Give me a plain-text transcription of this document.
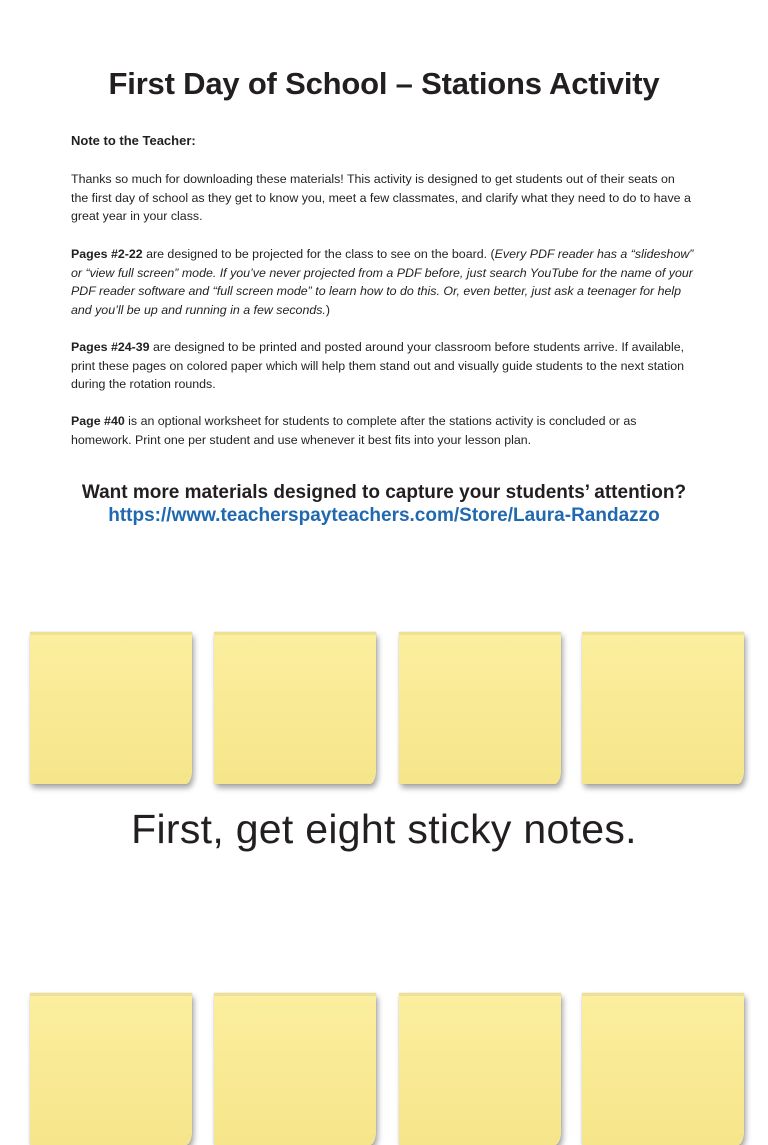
First Day of School – Stations Activity
Note to the Teacher:
Thanks so much for downloading these materials! This activity is designed to get students out of their seats on the first day of school as they get to know you, meet a few classmates, and clarify what they need to do to have a great year in your class.
Pages #2-22 are designed to be projected for the class to see on the board. (Every PDF reader has a “slideshow” or “view full screen” mode. If you’ve never projected from a PDF before, just search YouTube for the name of your PDF reader software and “full screen mode” to learn how to do this. Or, even better, just ask a teenager for help and you’ll be up and running in a few seconds.)
Pages #24-39 are designed to be printed and posted around your classroom before students arrive. If available, print these pages on colored paper which will help them stand out and visually guide students to the next station during the rotation rounds.
Page #40 is an optional worksheet for students to complete after the stations activity is concluded or as homework. Print one per student and use whenever it best fits into your lesson plan.
Want more materials designed to capture your students’ attention?
https://www.teacherspayteachers.com/Store/Laura-Randazzo
First, get eight sticky notes.
